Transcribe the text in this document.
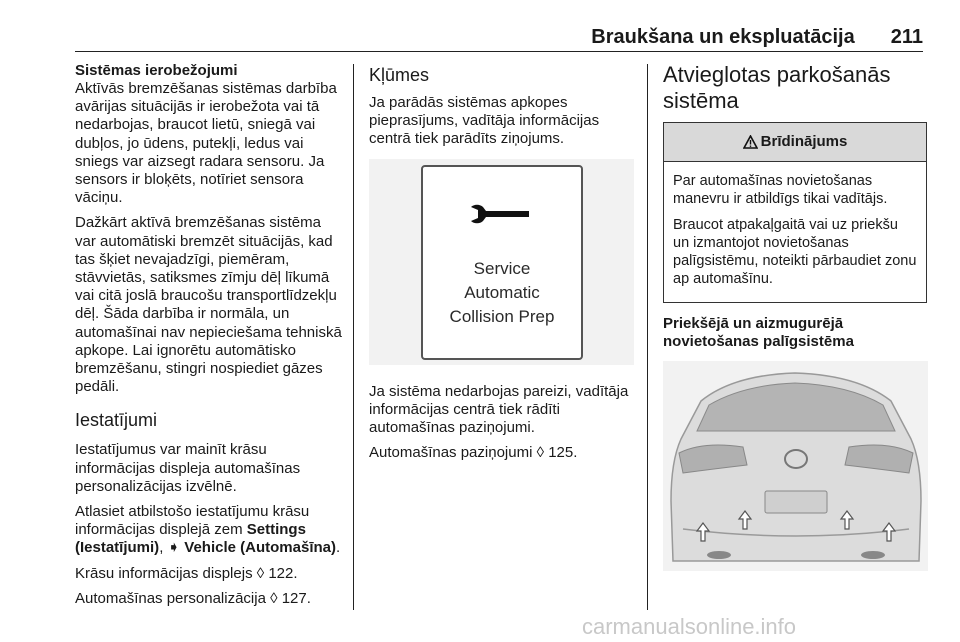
Braukšana un ekspluatācija 211
Sistēmas ierobežojumi

Aktīvās bremzēšanas sistēmas darbība avārijas situācijās ir ierobežota vai tā nedarbojas, braucot lietū, sniegā vai dubļos, jo ūdens, putekļi, ledus vai sniegs var aizsegt radara sensoru. Ja sensors ir bloķēts, notīriet sensora vāciņu.

Dažkārt aktīvā bremzēšanas sistēma var automātiski bremzēt situācijās, kad tas šķiet nevajadzīgi, piemēram, stāvvietās, satiksmes zīmju dēļ līkumā vai citā joslā braucošu transportlīdzekļu dēļ. Šāda darbība ir normāla, un automašīnai nav nepieciešama tehniskā apkope. Lai ignorētu automātisko bremzēšanu, stingri nospiediet gāzes pedāli.

Iestatījumi

Iestatījumus var mainīt krāsu informācijas displeja automašīnas personalizācijas izvēlnē.

Atlasiet atbilstošo iestatījumu krāsu informācijas displejā zem Settings (Iestatījumi), ➧ Vehicle (Automašīna).

Krāsu informācijas displejs ◊ 122.

Automašīnas personalizācija ◊ 127.

Kļūmes

Ja parādās sistēmas apkopes pieprasījums, vadītāja informācijas centrā tiek parādīts ziņojums.

Service
Automatic
Collision Prep

Ja sistēma nedarbojas pareizi, vadītāja informācijas centrā tiek rādīti automašīnas paziņojumi.

Automašīnas paziņojumi ◊ 125.

Atvieglotas parkošanās sistēma
Brīdinājums

Par automašīnas novietošanas manevru ir atbildīgs tikai vadītājs.

Braucot atpakaļgaitā vai uz priekšu un izmantojot novietošanas palīgsistēmu, noteikti pārbaudiet zonu ap automašīnu.

Priekšējā un aizmugurējā novietošanas palīgsistēma
carmanualsonline.info
